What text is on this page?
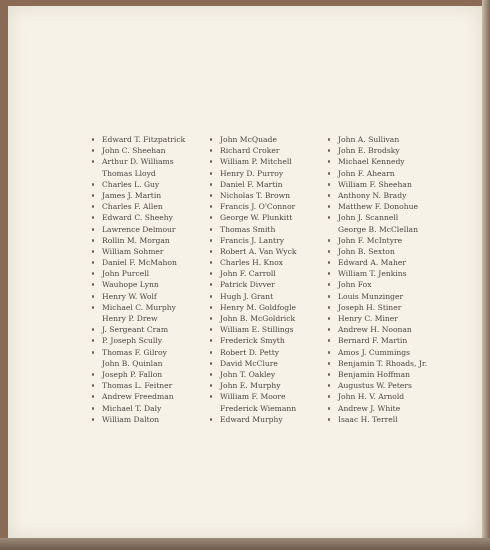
Edward T. Fitzpatrick
John C. Sheehan
Arthur D. Williams
Thomas Lloyd
Charles L. Guy
James J. Martin
Charles F. Allen
Edward C. Sheehy
Lawrence Delmour
Rollin M. Morgan
William Sohmer
Daniel F. McMahon
John Purcell
Wauhope Lynn
Henry W. Wolf
Michael C. Murphy
Henry P. Drew
J. Sergeant Cram
P. Joseph Scully
Thomas F. Gilroy
John B. Quinlan
Joseph P. Fallon
Thomas L. Feitner
Andrew Freedman
Michael T. Daly
William Dalton
John McQuade
Richard Croker
William P. Mitchell
Henry D. Purroy
Daniel F. Martin
Nicholas T. Brown
Francis J. O'Connor
George W. Plunkitt
Thomas Smith
Francis J. Lantry
Robert A. Van Wyck
Charles H. Knox
John F. Carroll
Patrick Divver
Hugh J. Grant
Henry M. Goldfogle
John B. McGoldrick
William E. Stillings
Frederick Smyth
Robert D. Petty
David McClure
John T. Oakley
John E. Murphy
William F. Moore
Frederick Wiemann
Edward Murphy
John A. Sullivan
John E. Brodsky
Michael Kennedy
John F. Ahearn
William F. Sheehan
Anthony N. Brady
Matthew F. Donohue
John J. Scannell
George B. McClellan
John F. McIntyre
John B. Sexton
Edward A. Maher
William T. Jenkins
John Fox
Louis Munzinger
Joseph H. Stiner
Henry C. Miner
Andrew H. Noonan
Bernard F. Martin
Amos J. Cummings
Benjamin T. Rhoads, Jr.
Benjamin Hoffman
Augustus W. Peters
John H. V. Arnold
Andrew J. White
Isaac H. Terrell
